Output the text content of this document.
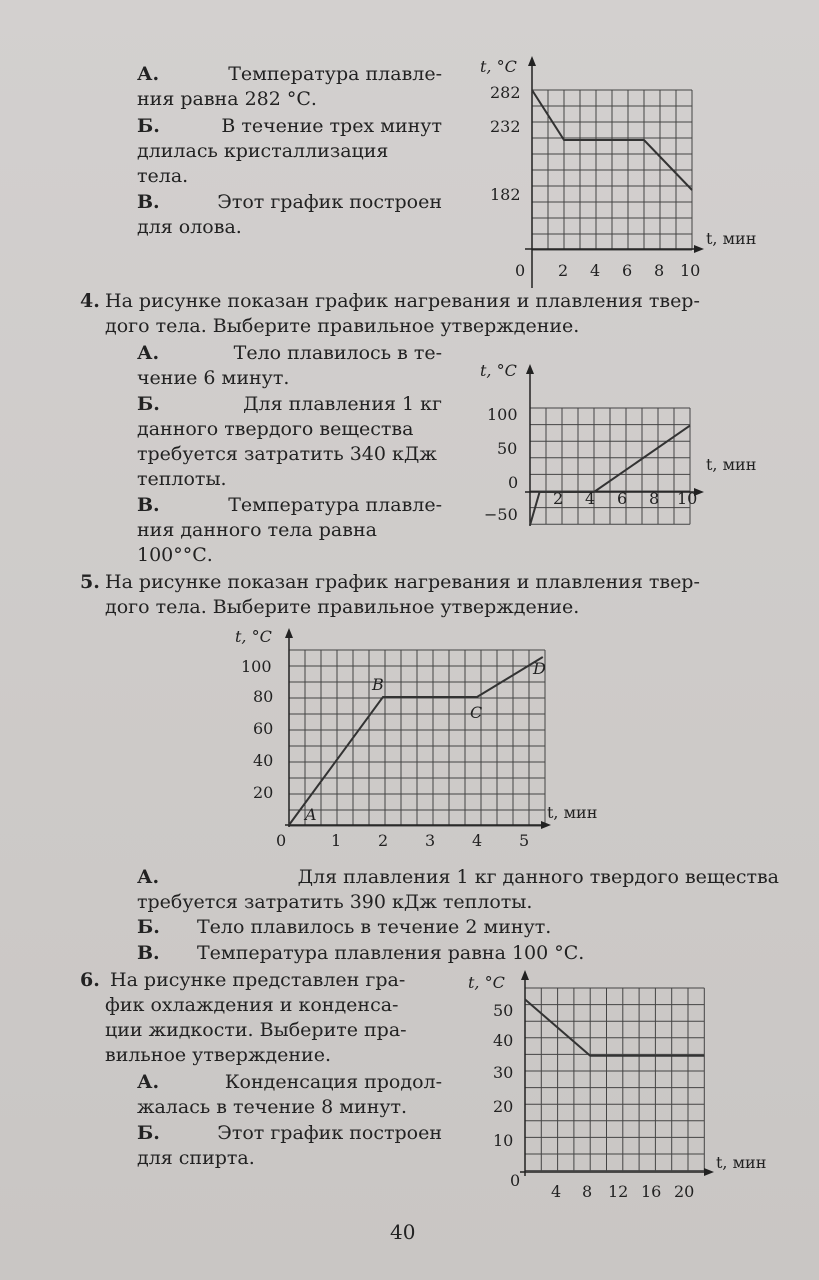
А.	Температура плавле-
ния равна 282 °С.
Б.	В течение трех минут
длилась кристаллизация
тела.
В.	Этот график построен
для олова.
t, °С
t, мин
0
282
232
182
2 4 6 8 10
4. На рисунке показан график нагревания и плавления твер-
дого тела. Выберите правильное утверждение.
А.	Тело плавилось в те-
чение 6 минут.
Б.	Для плавления 1 кг
данного твердого вещества
требуется затратить 340 кДж
теплоты.
В.	Температура плавле-
ния данного тела равна
100°°С.
t, °С
t, мин
100
50
0
−50
2 4 6 8 10
5. На рисунке показан график нагревания и плавления твер-
дого тела. Выберите правильное утверждение.
t, °С
t, мин
0
100
80
60
40
20
1 2 3 4 5
A
B
C
D
А.	Для плавления 1 кг данного твердого вещества
требуется затратить 390 кДж теплоты.
Б. Тело плавилось в течение 2 минут.
В. Температура плавления равна 100 °С.
6. На рисунке представлен гра-
фик охлаждения и конденса-
ции жидкости. Выберите пра-
вильное утверждение.
А.	Конденсация продол-
жалась в течение 8 минут.
Б.	Этот график построен
для спирта.
t, °С
t, мин
0
50
40
30
20
10
4 8 12 16 20
40
